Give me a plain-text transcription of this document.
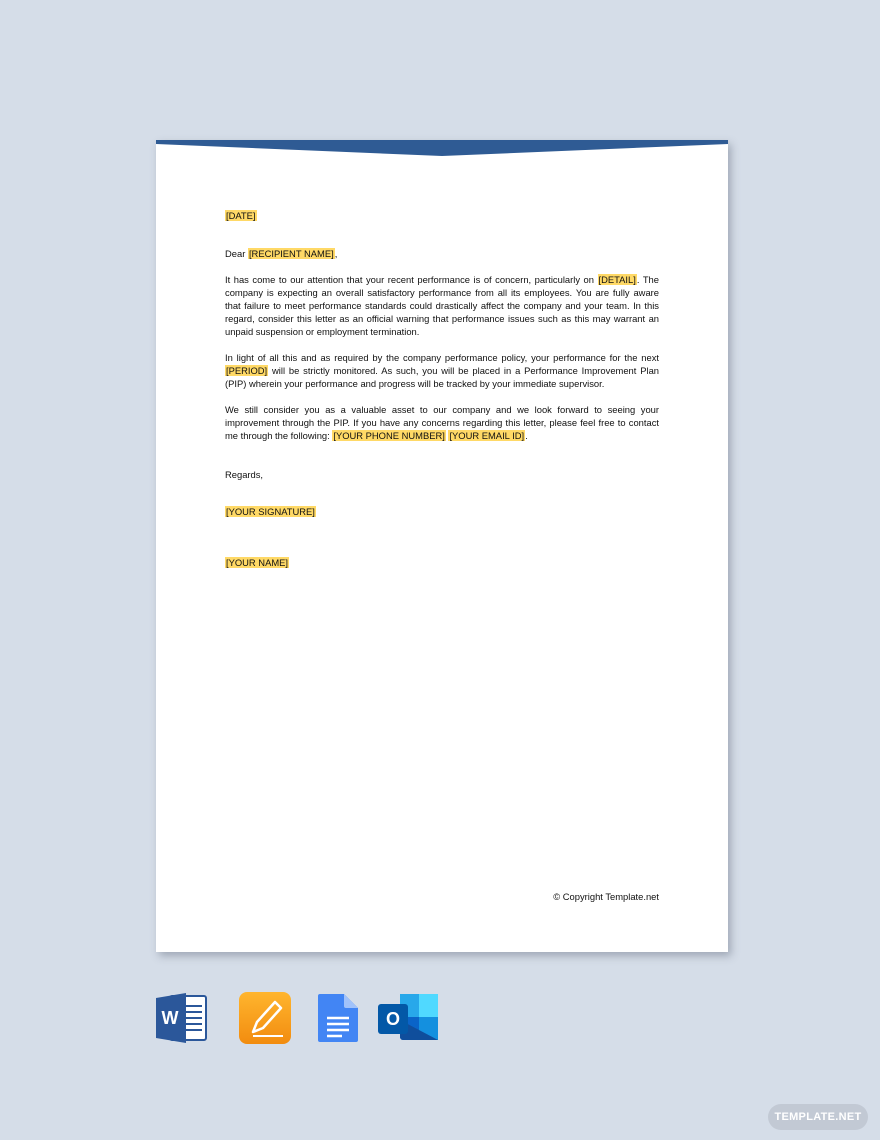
[DATE]

Dear [RECIPIENT NAME],

It has come to our attention that your recent performance is of concern, particularly on [DETAIL]. The company is expecting an overall satisfactory performance from all its employees. You are fully aware that failure to meet performance standards could drastically affect the company and your team. In this regard, consider this letter as an official warning that performance issues such as this may warrant an unpaid suspension or employment termination.

In light of all this and as required by the company performance policy, your performance for the next [PERIOD] will be strictly monitored. As such, you will be placed in a Performance Improvement Plan (PIP) wherein your performance and progress will be tracked by your immediate supervisor.

We still consider you as a valuable asset to our company and we look forward to seeing your improvement through the PIP. If you have any concerns regarding this letter, please feel free to contact me through the following: [YOUR PHONE NUMBER] [YOUR EMAIL ID].

Regards,

[YOUR SIGNATURE]

[YOUR NAME]

© Copyright Template.net
W	O
TEMPLATE.NET
